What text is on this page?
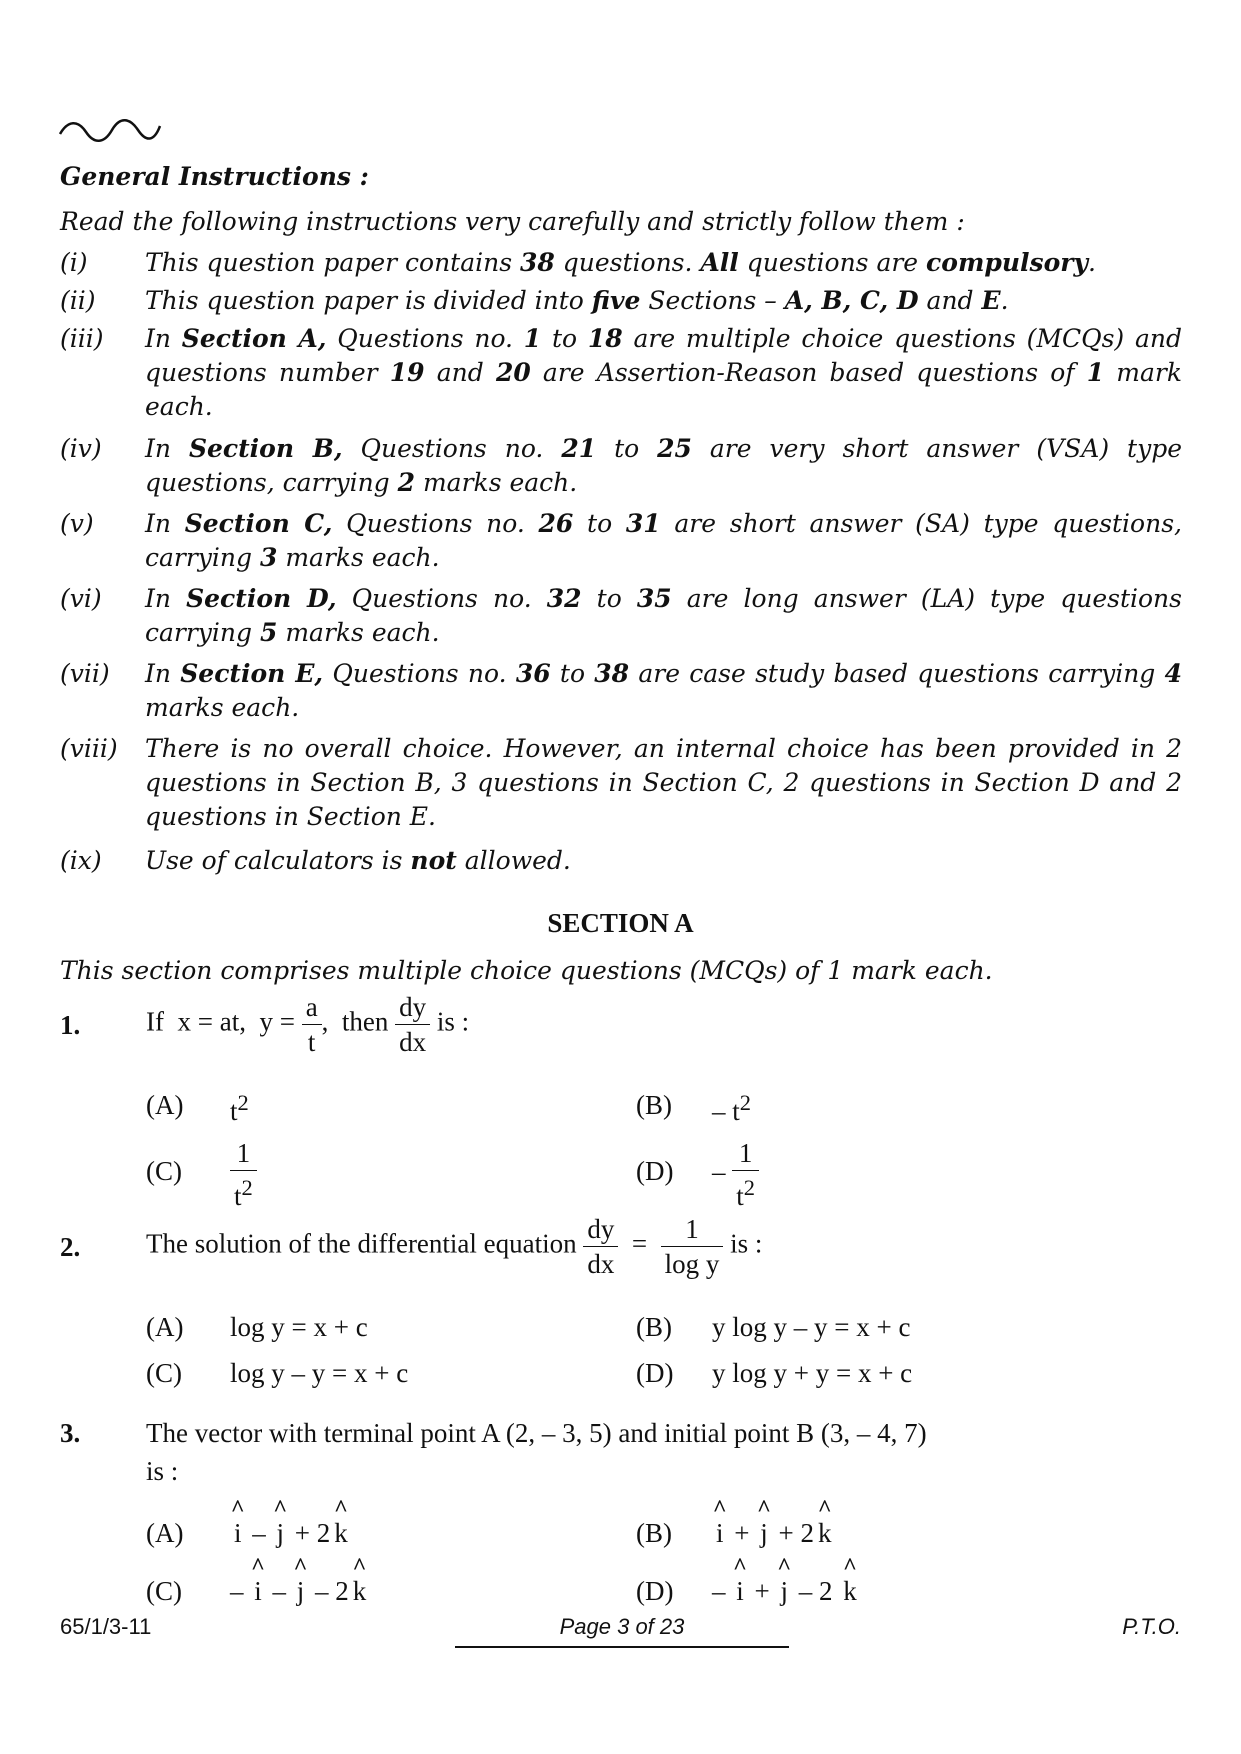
General Instructions :
Read the following instructions very carefully and strictly follow them :
(i) This question paper contains 38 questions. All questions are compulsory.
(ii) This question paper is divided into five Sections – A, B, C, D and E.
(iii) In Section A, Questions no. 1 to 18 are multiple choice questions (MCQs) and questions number 19 and 20 are Assertion-Reason based questions of 1 mark each.
(iv) In Section B, Questions no. 21 to 25 are very short answer (VSA) type questions, carrying 2 marks each.
(v) In Section C, Questions no. 26 to 31 are short answer (SA) type questions, carrying 3 marks each.
(vi) In Section D, Questions no. 32 to 35 are long answer (LA) type questions carrying 5 marks each.
(vii) In Section E, Questions no. 36 to 38 are case study based questions carrying 4 marks each.
(viii) There is no overall choice. However, an internal choice has been provided in 2 questions in Section B, 3 questions in Section C, 2 questions in Section D and 2 questions in Section E.
(ix) Use of calculators is not allowed.
SECTION A
This section comprises multiple choice questions (MCQs) of 1 mark each.
1. If x = at, $y = \frac{a}{t}$ , then $\frac{dy}{dx}$ is :
(A) $t^2$	$(B) - t^2$
$(C) \frac{1}{t^2}$	$(D) - \frac{1}{t^2}$
2. The solution of the differential equation $\frac{dy}{dx} = \frac{1}{\text{log y}}$ is :
(A) log y = x + c	(B) y log y – y = x + c
(C) log y – y = x + c	(D) y log y + y = x + c
3. The vector with terminal point A (2, – 3, 5) and initial point B (3, – 4, 7)
is :
(A) ^ i – ^ j + 2 ^ k	(B) ^ i + ^ j + 2 ^ k
(C) – ^ i – ^ j – 2 ^ k	(D) – ^ i + ^ j – 2 ^ k
65/1/3-11	Page 3 of 23	P.T.O.
